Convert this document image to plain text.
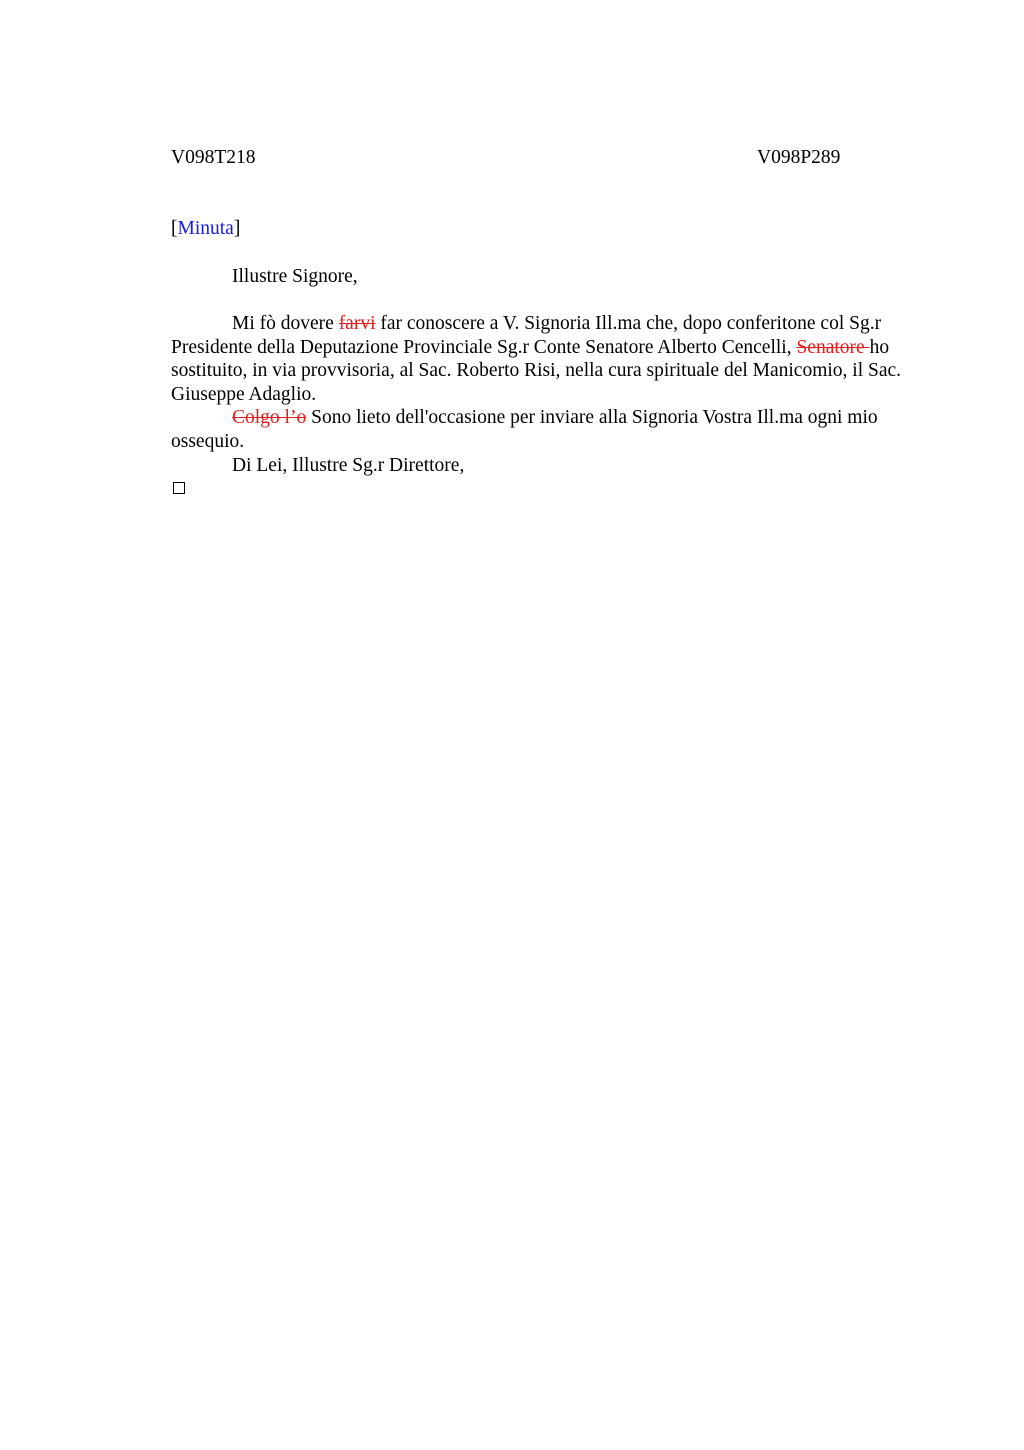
V098T218	V098P289
[Minuta]
Illustre Signore,

Mi fò dovere farvi far conoscere a V. Signoria Ill.ma che, dopo conferitone col Sg.r Presidente della Deputazione Provinciale Sg.r Conte Senatore Alberto Cencelli, Senatore ho sostituito, in via provvisoria, al Sac. Roberto Risi, nella cura spirituale del Manicomio, il Sac. Giuseppe Adaglio.

Colgo l’o Sono lieto dell'occasione per inviare alla Signoria Vostra Ill.ma ogni mio ossequio.

Di Lei, Illustre Sg.r Direttore,
